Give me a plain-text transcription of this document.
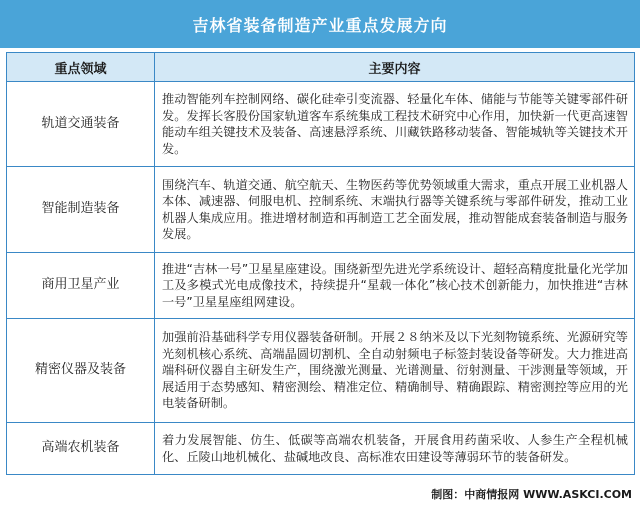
吉林省装备制造产业重点发展方向
重点领域	主要内容
轨道交通装备	推动智能列车控制网络、碳化硅牵引变流器、轻量化车体、储能与节能等关键零部件研发。发挥长客股份国家轨道客车系统集成工程技术研究中心作用，加快新一代更高速智能动车组关键技术及装备、高速悬浮系统、川藏铁路移动装备、智能城轨等关键技术开发。
智能制造装备	围绕汽车、轨道交通、航空航天、生物医药等优势领域重大需求，重点开展工业机器人本体、减速器、伺服电机、控制系统、末端执行器等关键系统与零部件研发，推动工业机器人集成应用。推进增材制造和再制造工艺全面发展，推动智能成套装备制造与服务发展。
商用卫星产业	推进“吉林一号”卫星星座建设。围绕新型先进光学系统设计、超轻高精度批量化光学加工及多模式光电成像技术，持续提升“星载一体化”核心技术创新能力，加快推进“吉林一号”卫星星座组网建设。
精密仪器及装备	加强前沿基础科学专用仪器装备研制。开展２８纳米及以下光刻物镜系统、光源研究等光刻机核心系统、高端晶圆切割机、全自动射频电子标签封装设备等研发。大力推进高端科研仪器自主研发生产，围绕激光测量、光谱测量、衍射测量、干涉测量等领域，开展适用于态势感知、精密测绘、精准定位、精确制导、精确跟踪、精密测控等应用的光电装备研制。
高端农机装备	着力发展智能、仿生、低碳等高端农机装备，开展食用药菌采收、人参生产全程机械化、丘陵山地机械化、盐碱地改良、高标准农田建设等薄弱环节的装备研发。
制图：中商情报网 WWW.ASKCI.COM
